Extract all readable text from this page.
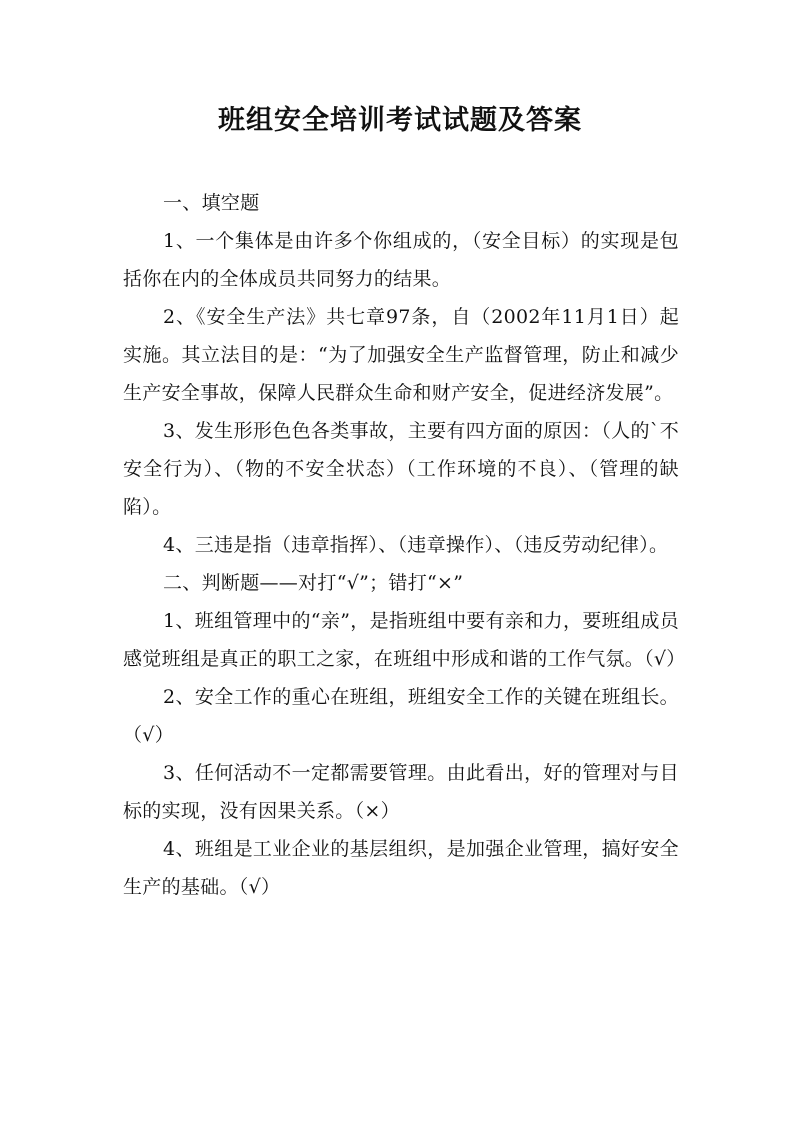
班组安全培训考试试题及答案

一、填空题

1、一个集体是由许多个你组成的，（安全目标）的实现是包括你在内的全体成员共同努力的结果。

2、《安全生产法》共七章97条，自（2002年11月1日）起实施。其立法目的是：“为了加强安全生产监督管理，防止和减少生产安全事故，保障人民群众生命和财产安全，促进经济发展”。

3、发生形形色色各类事故，主要有四方面的原因：（人的`不安全行为）、（物的不安全状态）（工作环境的不良）、（管理的缺陷）。

4、三违是指（违章指挥）、（违章操作）、（违反劳动纪律）。

二、判断题——对打“√”；错打“×”

1、班组管理中的“亲”，是指班组中要有亲和力，要班组成员感觉班组是真正的职工之家，在班组中形成和谐的工作气氛。（√）

2、安全工作的重心在班组，班组安全工作的关键在班组长。（√）

3、任何活动不一定都需要管理。由此看出，好的管理对与目标的实现，没有因果关系。（×）

4、班组是工业企业的基层组织，是加强企业管理，搞好安全生产的基础。（√）
